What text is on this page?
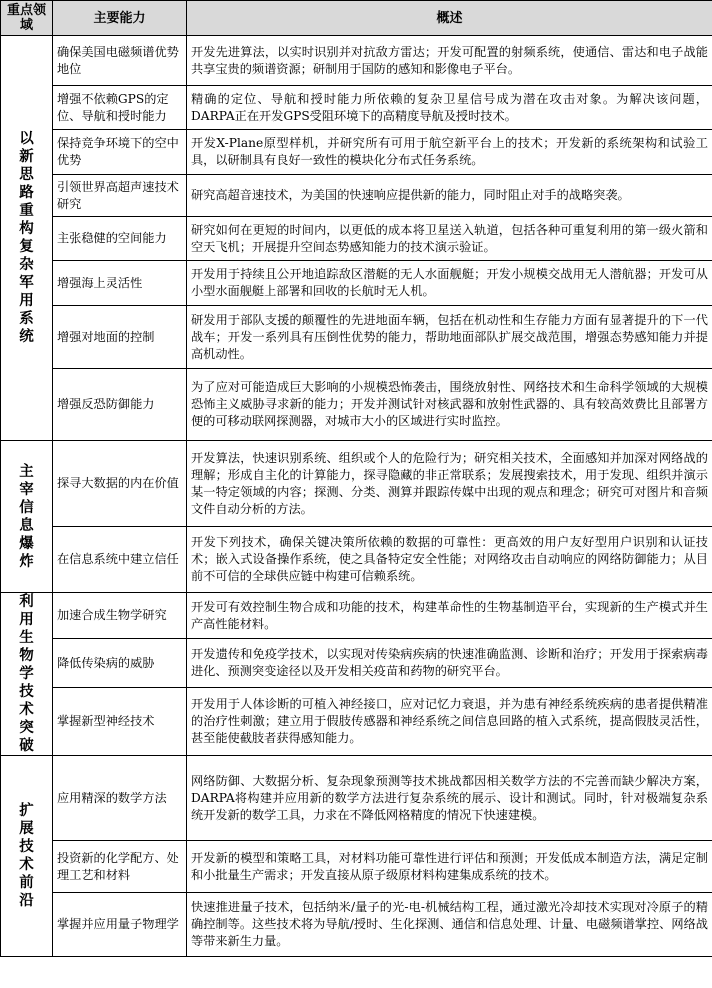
重点领域	主要能力	概述
以新思路重构复杂军用系统	确保美国电磁频谱优势地位	开发先进算法，以实时识别并对抗敌方雷达；开发可配置的射频系统，使通信、雷达和电子战能共享宝贵的频谱资源；研制用于国防的感知和影像电子平台。
	增强不依赖GPS的定位、导航和授时能力	精确的定位、导航和授时能力所依赖的复杂卫星信号成为潜在攻击对象。为解决该问题，DARPA正在开发GPS受阻环境下的高精度导航及授时技术。
	保持竞争环境下的空中优势	开发X-Plane原型样机，并研究所有可用于航空新平台上的技术；开发新的系统架构和试验工具，以研制具有良好一致性的模块化分布式任务系统。
	引领世界高超声速技术研究	研究高超音速技术，为美国的快速响应提供新的能力，同时阻止对手的战略突袭。
	主张稳健的空间能力	研究如何在更短的时间内，以更低的成本将卫星送入轨道，包括各种可重复利用的第一级火箭和空天飞机；开展提升空间态势感知能力的技术演示验证。
	增强海上灵活性	开发用于持续且公开地追踪敌区潜艇的无人水面舰艇；开发小规模交战用无人潜航器；开发可从小型水面舰艇上部署和回收的长航时无人机。
	增强对地面的控制	研发用于部队支援的颠覆性的先进地面车辆，包括在机动性和生存能力方面有显著提升的下一代战车；开发一系列具有压倒性优势的能力，帮助地面部队扩展交战范围，增强态势感知能力并提高机动性。
	增强反恐防御能力	为了应对可能造成巨大影响的小规模恐怖袭击，围绕放射性、网络技术和生命科学领域的大规模恐怖主义威胁寻求新的能力；开发并测试针对核武器和放射性武器的、具有较高效费比且部署方便的可移动联网探测器，对城市大小的区域进行实时监控。
主宰信息爆炸	探寻大数据的内在价值	开发算法，快速识别系统、组织或个人的危险行为；研究相关技术，全面感知并加深对网络战的理解；形成自主化的计算能力，探寻隐藏的非正常联系；发展搜索技术，用于发现、组织并演示某一特定领域的内容；探测、分类、测算并跟踪传媒中出现的观点和理念；研究可对图片和音频文件自动分析的方法。
	在信息系统中建立信任	开发下列技术，确保关键决策所依赖的数据的可靠性：更高效的用户友好型用户识别和认证技术；嵌入式设备操作系统，使之具备特定安全性能；对网络攻击自动响应的网络防御能力；从目前不可信的全球供应链中构建可信赖系统。
利用生物学技术突破	加速合成生物学研究	开发可有效控制生物合成和功能的技术，构建革命性的生物基制造平台，实现新的生产模式并生产高性能材料。
	降低传染病的威胁	开发遗传和免疫学技术，以实现对传染病疾病的快速准确监测、诊断和治疗；开发用于探索病毒进化、预测突变途径以及开发相关疫苗和药物的研究平台。
	掌握新型神经技术	开发用于人体诊断的可植入神经接口，应对记忆力衰退，并为患有神经系统疾病的患者提供精准的治疗性刺激；建立用于假肢传感器和神经系统之间信息回路的植入式系统，提高假肢灵活性，甚至能使截肢者获得感知能力。
扩展技术前沿	应用精深的数学方法	网络防御、大数据分析、复杂现象预测等技术挑战都因相关数学方法的不完善而缺少解决方案，DARPA将构建并应用新的数学方法进行复杂系统的展示、设计和测试。同时，针对极端复杂系统开发新的数学工具，力求在不降低网格精度的情况下快速建模。
	投资新的化学配方、处理工艺和材料	开发新的模型和策略工具，对材料功能可靠性进行评估和预测；开发低成本制造方法，满足定制和小批量生产需求；开发直接从原子级原材料构建集成系统的技术。
	掌握并应用量子物理学	快速推进量子技术，包括纳米/量子的光-电-机械结构工程，通过激光冷却技术实现对冷原子的精确控制等。这些技术将为导航/授时、生化探测、通信和信息处理、计量、电磁频谱掌控、网络战等带来新生力量。
